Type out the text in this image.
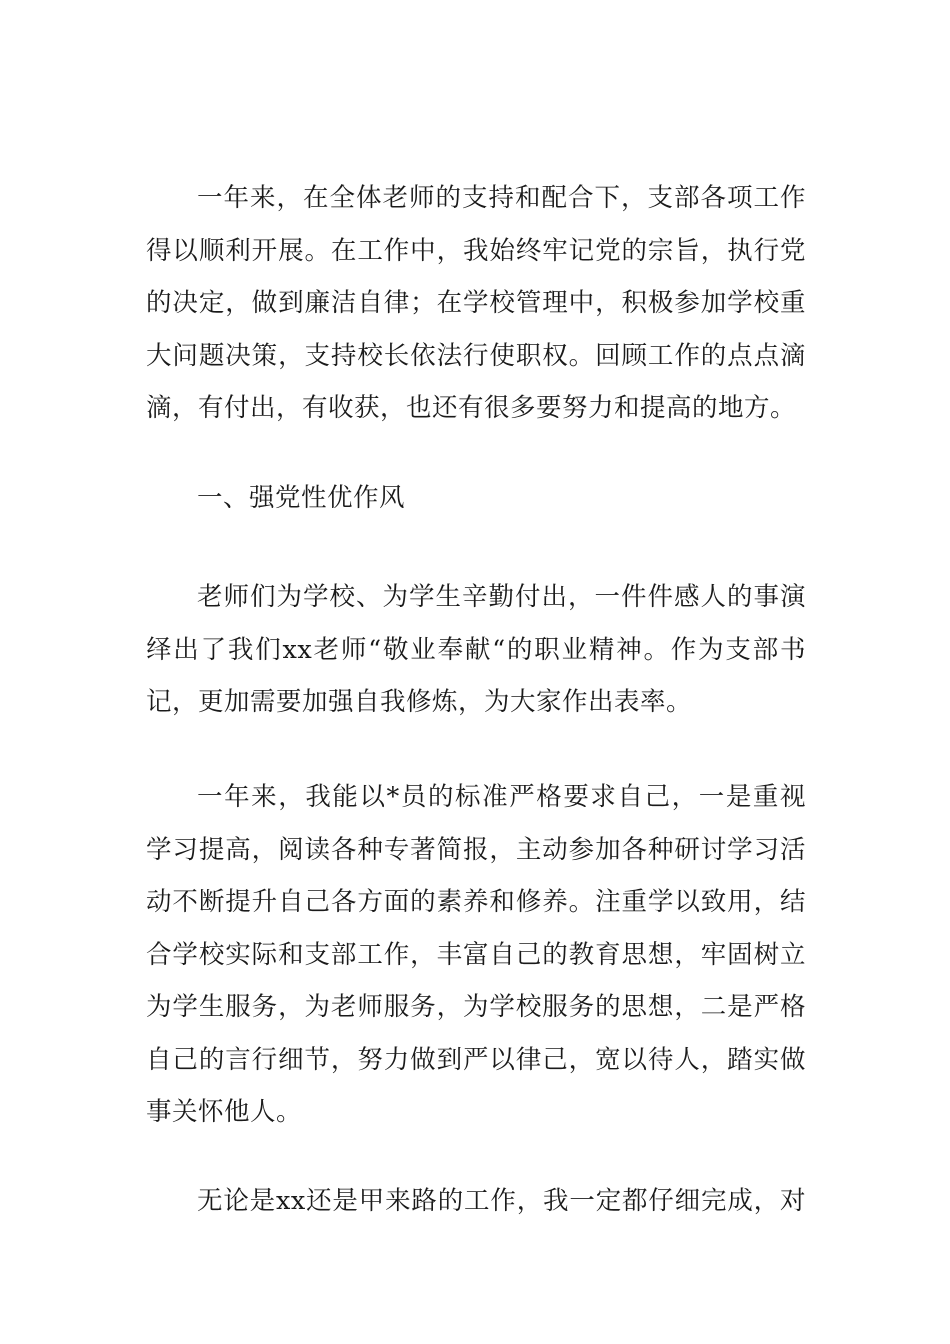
一年来，在全体老师的支持和配合下，支部各项工作得以顺利开展。在工作中，我始终牢记党的宗旨，执行党的决定，做到廉洁自律；在学校管理中，积极参加学校重大问题决策，支持校长依法行使职权。回顾工作的点点滴滴，有付出，有收获，也还有很多要努力和提高的地方。

一、强党性优作风

老师们为学校、为学生辛勤付出，一件件感人的事演绎出了我们xx老师“敬业奉献“的职业精神。作为支部书记，更加需要加强自我修炼，为大家作出表率。

一年来，我能以*员的标准严格要求自己，一是重视学习提高，阅读各种专著简报，主动参加各种研讨学习活动不断提升自己各方面的素养和修养。注重学以致用，结合学校实际和支部工作，丰富自己的教育思想，牢固树立为学生服务，为老师服务，为学校服务的思想，二是严格自己的言行细节，努力做到严以律己，宽以待人，踏实做事关怀他人。

无论是xx还是甲来路的工作，我一定都仔细完成，对
